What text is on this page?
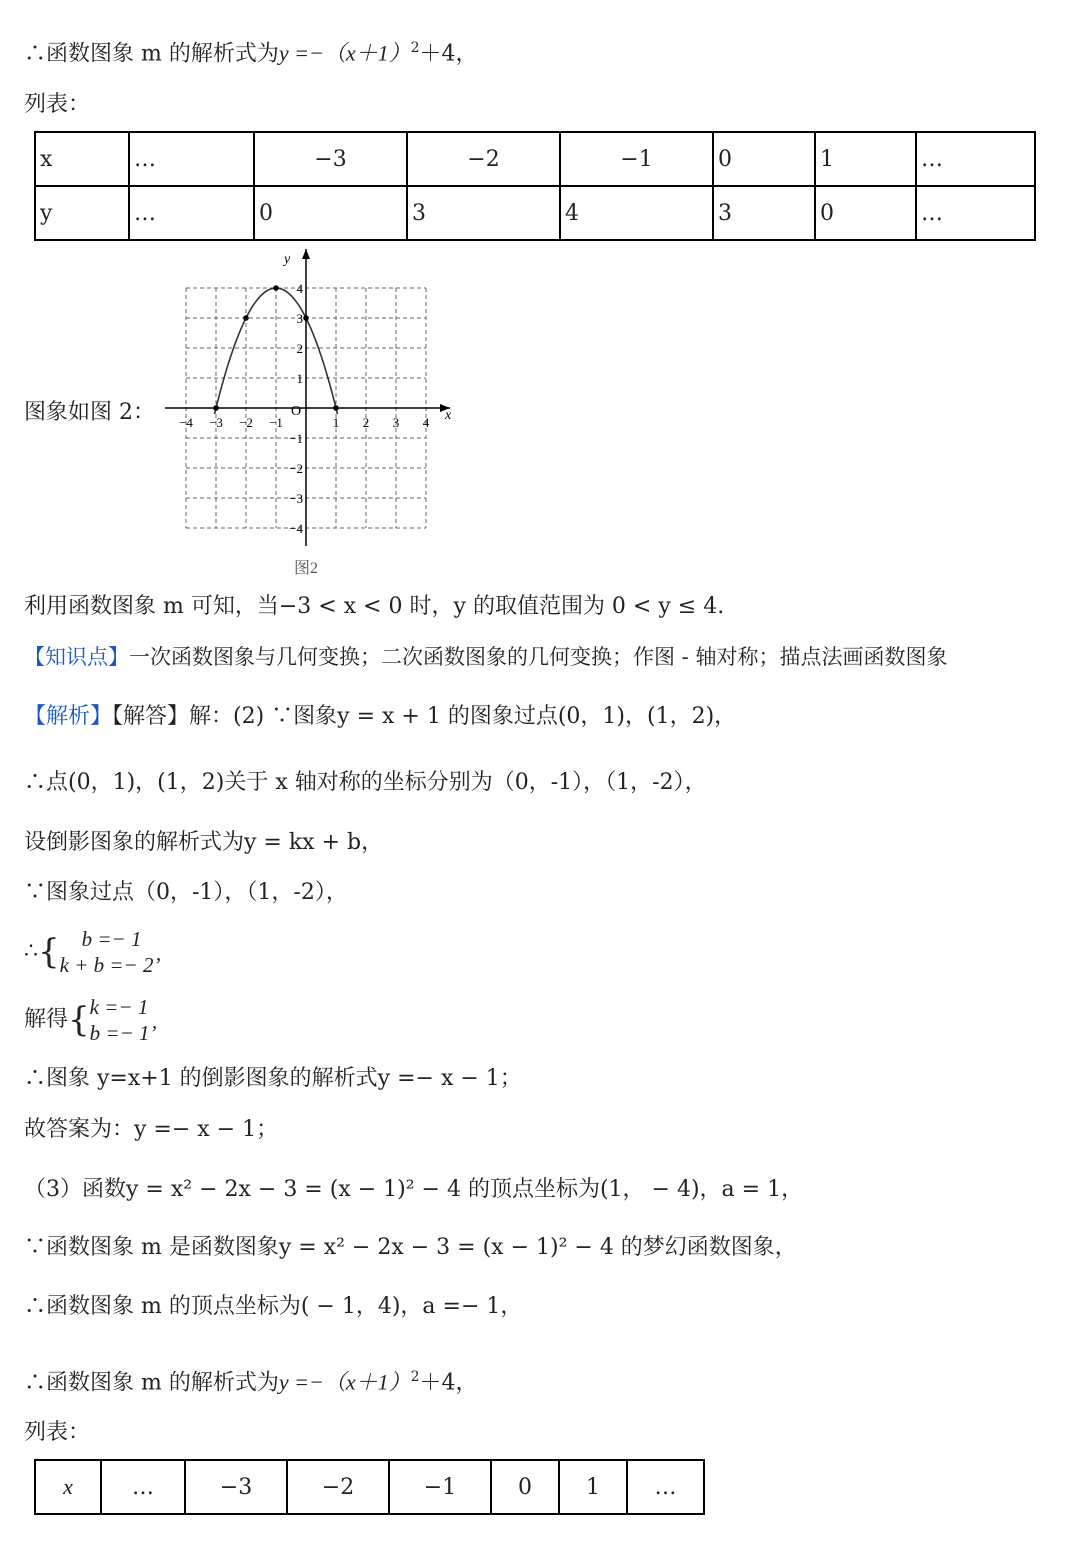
∴函数图象 m 的解析式为$y =-(x+1)^2+4$，
列表：
x	…	−3	−2	−1	0	1	…
y	…	0	3	4	3	0	…
图象如图 2： −4 −3 −2 −1	1 2 3 4
4
3
2
1
−1
−2
−3
−4
图2
x
y
O
利用函数图象 m 可知，当−3 < x < 0 时，y 的取值范围为 0 < y ≤ 4.
【知识点】一次函数图象与几何变换；二次函数图象的几何变换；作图 - 轴对称；描点法画函数图象
【解析】【解答】解：(2) ∵图象y = x + 1 的图象过点(0，1)，(1，2)，
∴点(0，1)，(1，2)关于 x 轴对称的坐标分别为（0，-1），（1，-2），
设倒影图象的解析式为y = kx + b，
∵图象过点（0，-1），（1，-2），
∴{ b =− 1
k + b =− 2’
解得{k =− 1
b =− 1’
∴图象 y=x+1 的倒影图象的解析式y =− x − 1；
故答案为：y =− x − 1；
（3）函数y = x² − 2x − 3 = (x − 1)² − 4 的顶点坐标为(1， − 4)，a = 1，
∵函数图象 m 是函数图象y = x² − 2x − 3 = (x − 1)² − 4 的梦幻函数图象，
∴函数图象 m 的顶点坐标为( − 1，4)，a =− 1，
∴函数图象 m 的解析式为$y =-(x+1)^2+4$，
列表：
x	…	−3	−2	−1	0	1	…
